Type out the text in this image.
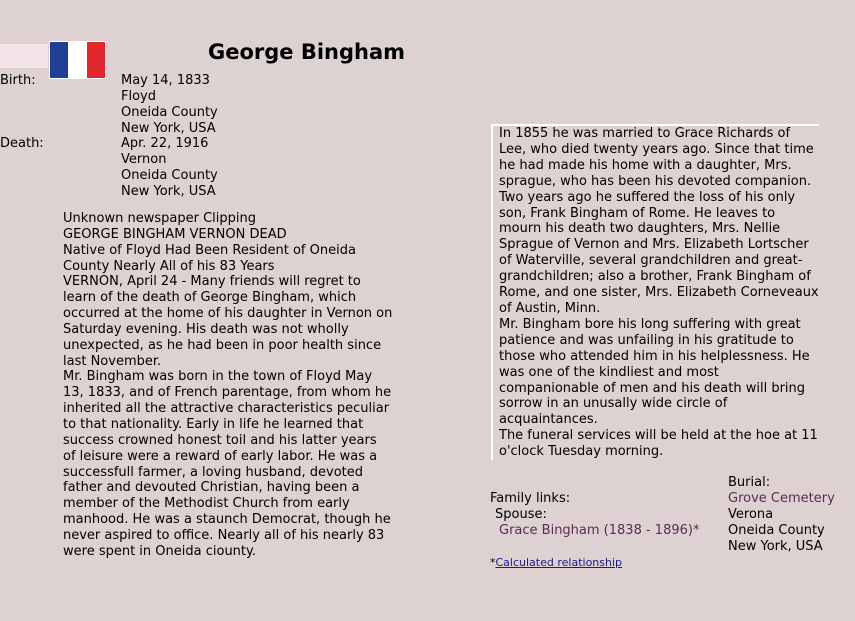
George Bingham
Birth:	May 14, 1833
Floyd
Oneida County
New York, USA
Death:	Apr. 22, 1916
Vernon
Oneida County
New York, USA
Unknown newspaper Clipping
GEORGE BINGHAM VERNON DEAD
Native of Floyd Had Been Resident of Oneida County Nearly All of his 83 Years
VERNON, April 24 - Many friends will regret to learn of the death of George Bingham, which occurred at the home of his daughter in Vernon on Saturday evening. His death was not wholly unexpected, as he had been in poor health since last November.
Mr. Bingham was born in the town of Floyd May 13, 1833, and of French parentage, from whom he inherited all the attractive characteristics peculiar to that nationality. Early in life he learned that success crowned honest toil and his latter years of leisure were a reward of early labor. He was a successfull farmer, a loving husband, devoted father and devouted Christian, having been a member of the Methodist Church from early manhood. He was a staunch Democrat, though he never aspired to office. Nearly all of his nearly 83 were spent in Oneida ciounty.
In 1855 he was married to Grace Richards of Lee, who died twenty years ago. Since that time he had made his home with a daughter, Mrs. sprague, who has been his devoted companion. Two years ago he suffered the loss of his only son, Frank Bingham of Rome. He leaves to mourn his death two daughters, Mrs. Nellie Sprague of Vernon and Mrs. Elizabeth Lortscher of Waterville, several grandchildren and great-grandchildren; also a brother, Frank Bingham of Rome, and one sister, Mrs. Elizabeth Corneveaux of Austin, Minn.
Mr. Bingham bore his long suffering with great patience and was unfailing in his gratitude to those who attended him in his helplessness. He was one of the kindliest and most companionable of men and his death will bring sorrow in an unusally wide circle of acquaintances.
The funeral services will be held at the hoe at 11 o'clock Tuesday morning.
Family links:
Spouse:
Grace Bingham (1838 - 1896)*
Burial:
Grove Cemetery
Verona
Oneida County
New York, USA
*Calculated relationship
